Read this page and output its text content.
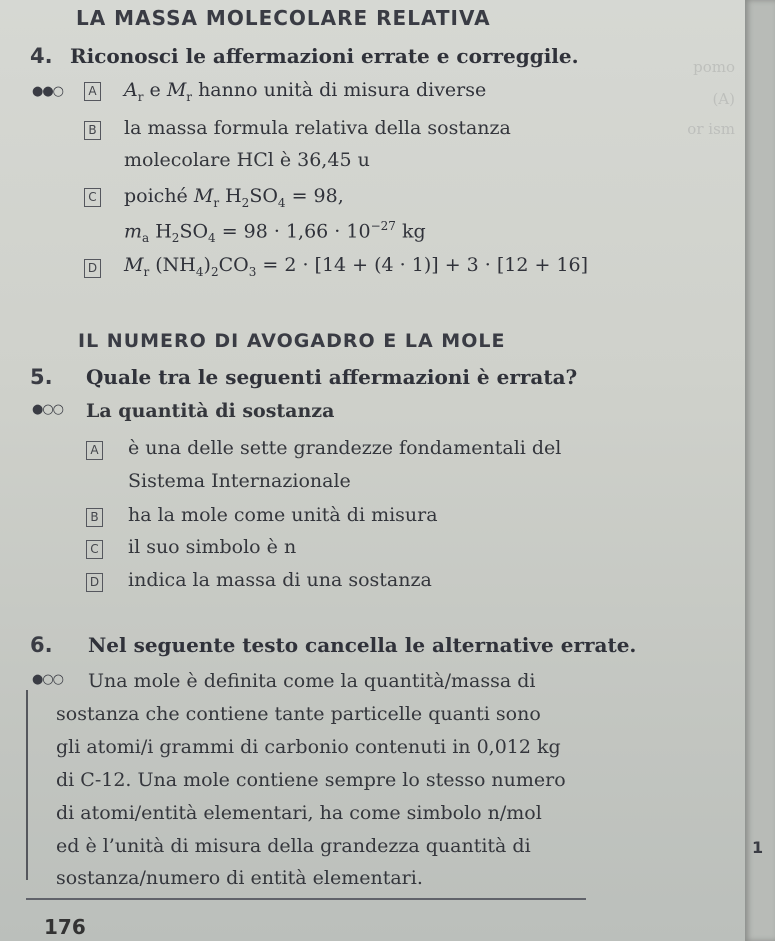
pomo
(A)
or ism
LA MASSA MOLECOLARE RELATIVA
4. Riconosci le affermazioni errate e correggile.
●●○	A $A_r$ e $M_r$ hanno unità di misura diverse
B la massa formula relativa della sostanza
molecolare HCl è 36,45 u
C poiché $M_r$ $H_2SO_4 = 98$,
$m_a$ $H_2SO_4 = 98 \cdot 1,66 \cdot 10^{-27}$ kg
D $M_r$ $(NH_4)_2CO_3 = 2 \cdot [14 + (4 \cdot 1)] + 3 \cdot [12 + 16]$
IL NUMERO DI AVOGADRO E LA MOLE
5. Quale tra le seguenti affermazioni è errata?
●○○ La quantità di sostanza
A è una delle sette grandezze fondamentali del
Sistema Internazionale
B ha la mole come unità di misura
C il suo simbolo è n
D indica la massa di una sostanza
6. Nel seguente testo cancella le alternative errate.
●○○ Una mole è definita come la quantità/massa di
sostanza che contiene tante particelle quanti sono
gli atomi/i grammi di carbonio contenuti in 0,012 kg
di C-12. Una mole contiene sempre lo stesso numero
di atomi/entità elementari, ha come simbolo n/mol
ed è l’unità di misura della grandezza quantità di
sostanza/numero di entità elementari.
1
176
